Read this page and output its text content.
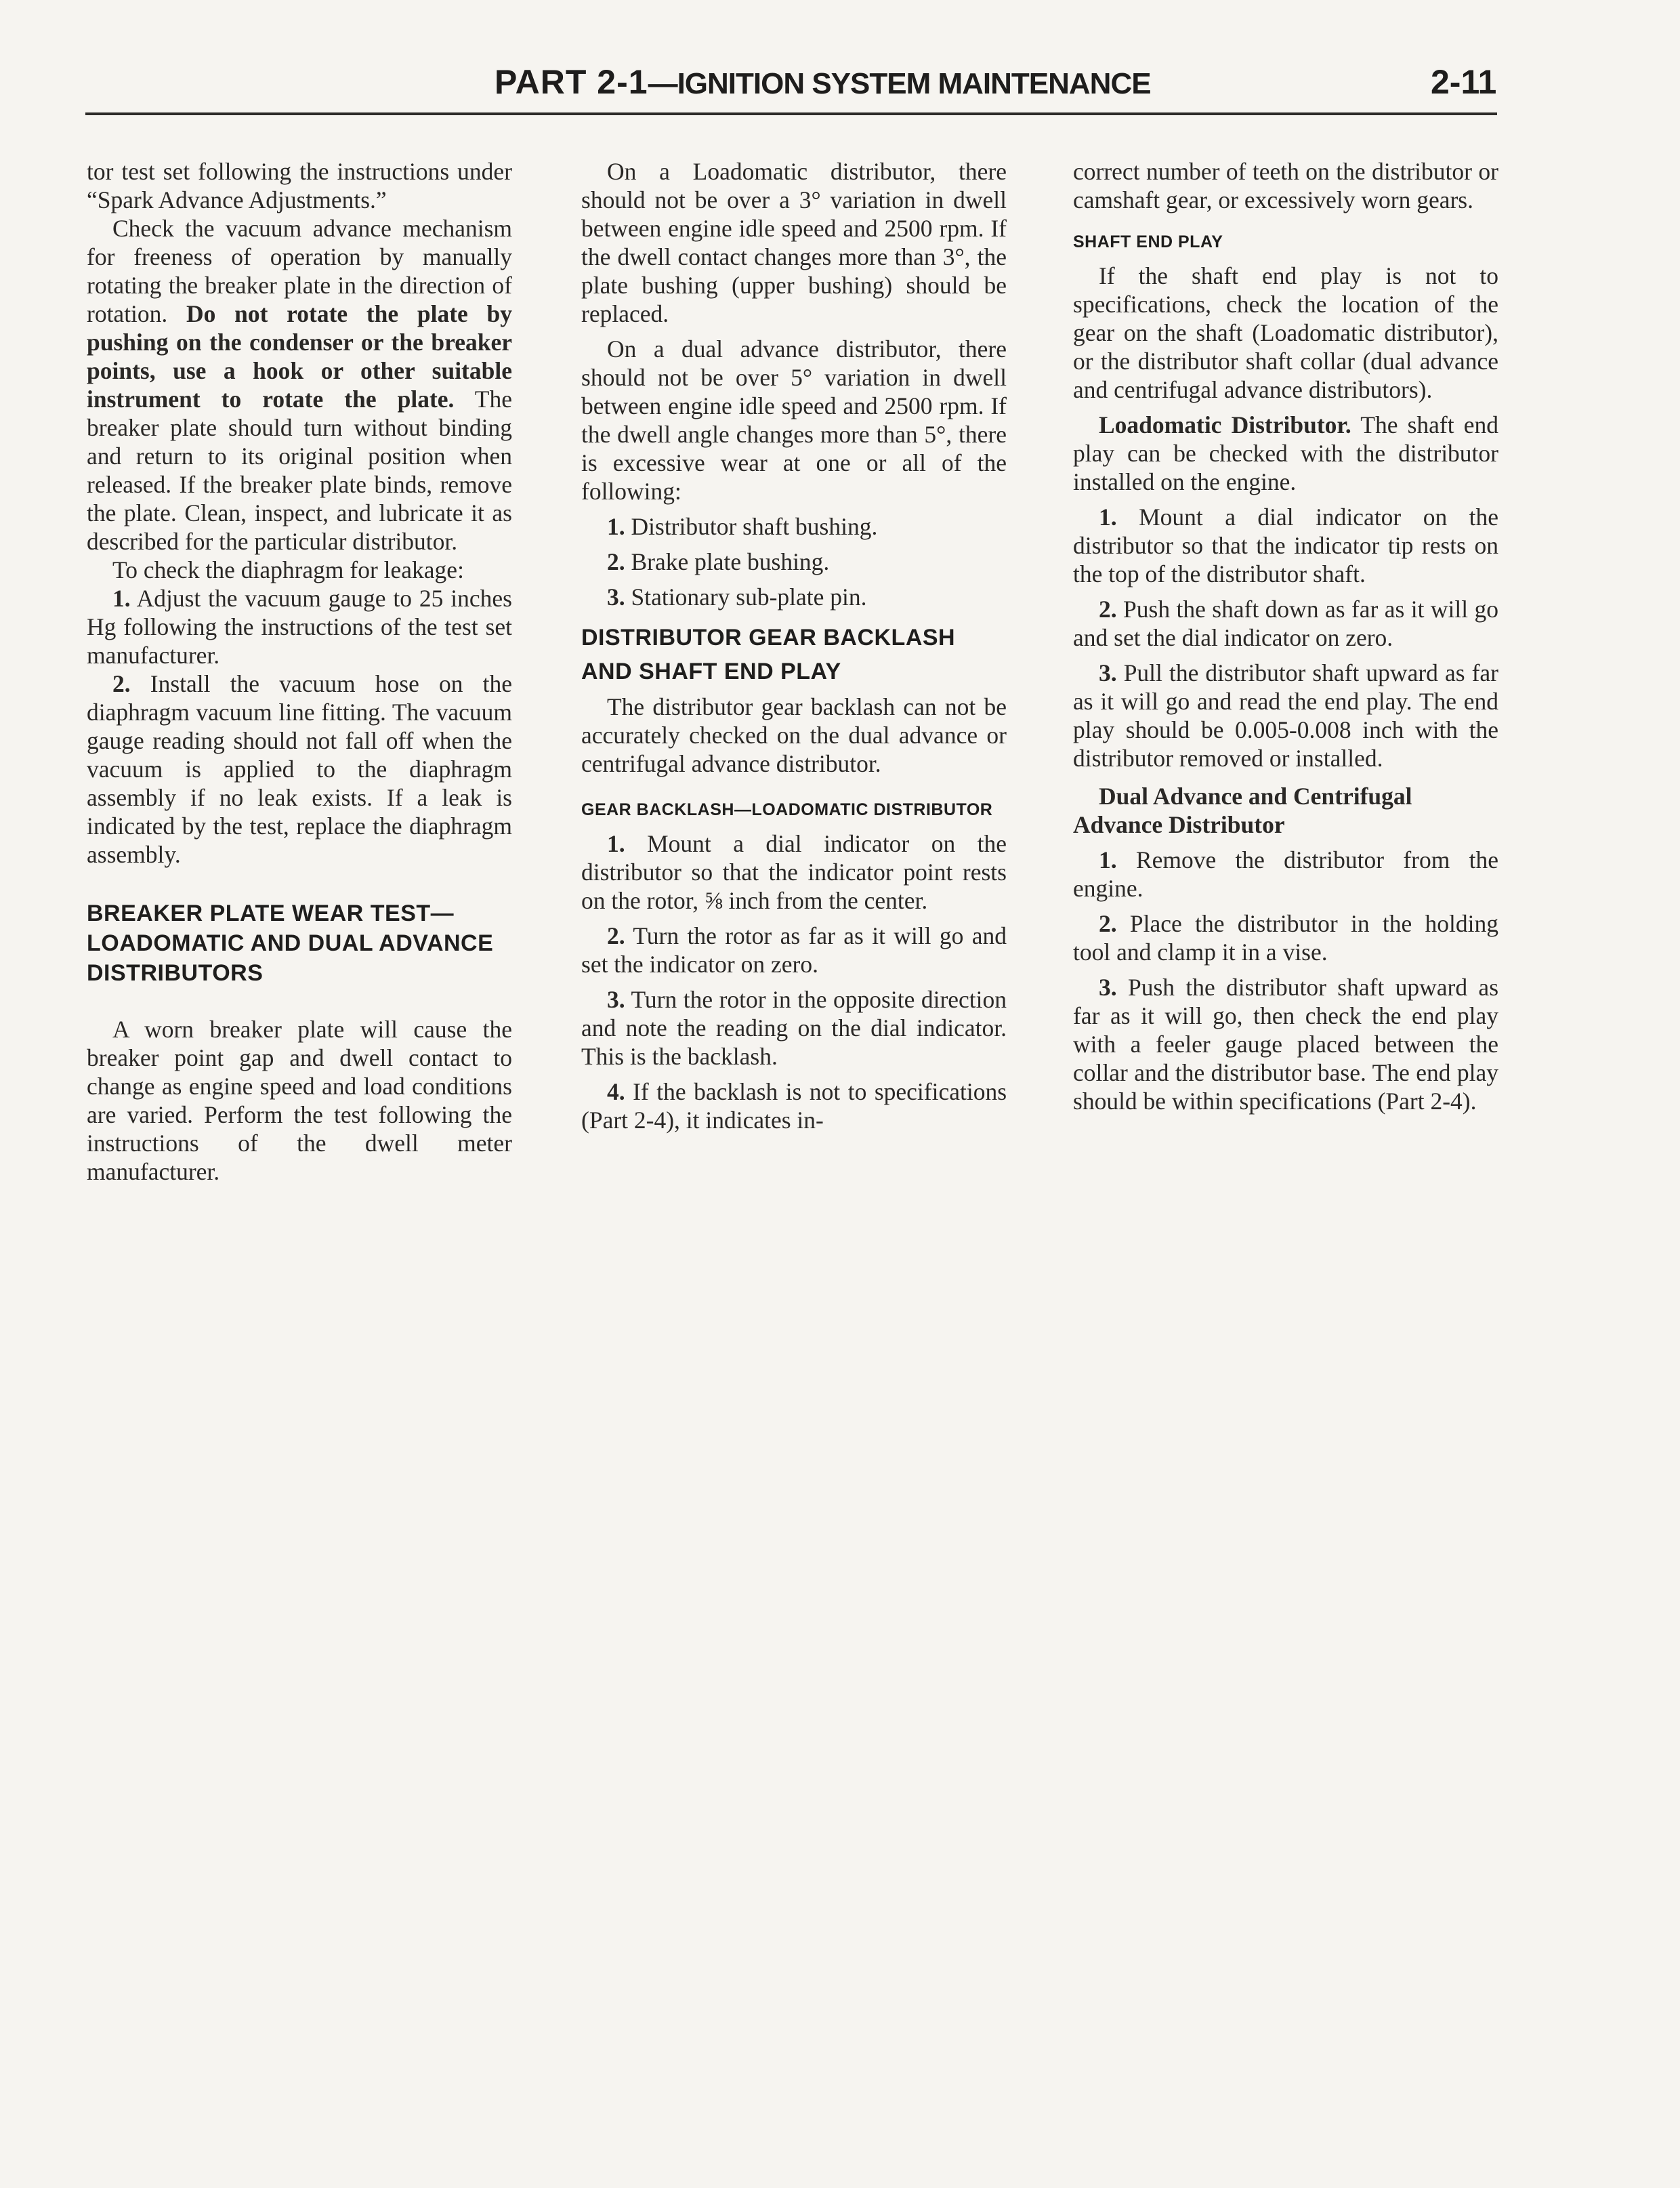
PART 2-1—IGNITION SYSTEM MAINTENANCE	2-11

tor test set following the instructions under “Spark Advance Adjustments.”

Check the vacuum advance mechanism for freeness of operation by manually rotating the breaker plate in the direction of rotation. Do not rotate the plate by pushing on the condenser or the breaker points, use a hook or other suitable instrument to rotate the plate. The breaker plate should turn without binding and return to its original position when released. If the breaker plate binds, remove the plate. Clean, inspect, and lubricate it as described for the particular distributor.

To check the diaphragm for leakage:

1. Adjust the vacuum gauge to 25 inches Hg following the instructions of the test set manufacturer.

2. Install the vacuum hose on the diaphragm vacuum line fitting. The vacuum gauge reading should not fall off when the vacuum is applied to the diaphragm assembly if no leak exists. If a leak is indicated by the test, replace the diaphragm assembly.

BREAKER PLATE WEAR TEST—LOADOMATIC AND DUAL ADVANCE DISTRIBUTORS

A worn breaker plate will cause the breaker point gap and dwell contact to change as engine speed and load conditions are varied. Perform the test following the instructions of the dwell meter manufacturer.

On a Loadomatic distributor, there should not be over a 3° variation in dwell between engine idle speed and 2500 rpm. If the dwell contact changes more than 3°, the plate bushing (upper bushing) should be replaced.

On a dual advance distributor, there should not be over 5° variation in dwell between engine idle speed and 2500 rpm. If the dwell angle changes more than 5°, there is excessive wear at one or all of the following:

1. Distributor shaft bushing.

2. Brake plate bushing.

3. Stationary sub-plate pin.

DISTRIBUTOR GEAR BACKLASH AND SHAFT END PLAY

The distributor gear backlash can not be accurately checked on the dual advance or centrifugal advance distributor.

GEAR BACKLASH—LOADOMATIC DISTRIBUTOR

1. Mount a dial indicator on the distributor so that the indicator point rests on the rotor, ⅝ inch from the center.

2. Turn the rotor as far as it will go and set the indicator on zero.

3. Turn the rotor in the opposite direction and note the reading on the dial indicator. This is the backlash.

4. If the backlash is not to specifications (Part 2-4), it indicates in-

correct number of teeth on the distributor or camshaft gear, or excessively worn gears.

SHAFT END PLAY

If the shaft end play is not to specifications, check the location of the gear on the shaft (Loadomatic distributor), or the distributor shaft collar (dual advance and centrifugal advance distributors).

Loadomatic Distributor. The shaft end play can be checked with the distributor installed on the engine.

1. Mount a dial indicator on the distributor so that the indicator tip rests on the top of the distributor shaft.

2. Push the shaft down as far as it will go and set the dial indicator on zero.

3. Pull the distributor shaft upward as far as it will go and read the end play. The end play should be 0.005-0.008 inch with the distributor removed or installed.

Dual Advance and Centrifugal Advance Distributor

1. Remove the distributor from the engine.

2. Place the distributor in the holding tool and clamp it in a vise.

3. Push the distributor shaft upward as far as it will go, then check the end play with a feeler gauge placed between the collar and the distributor base. The end play should be within specifications (Part 2-4).
